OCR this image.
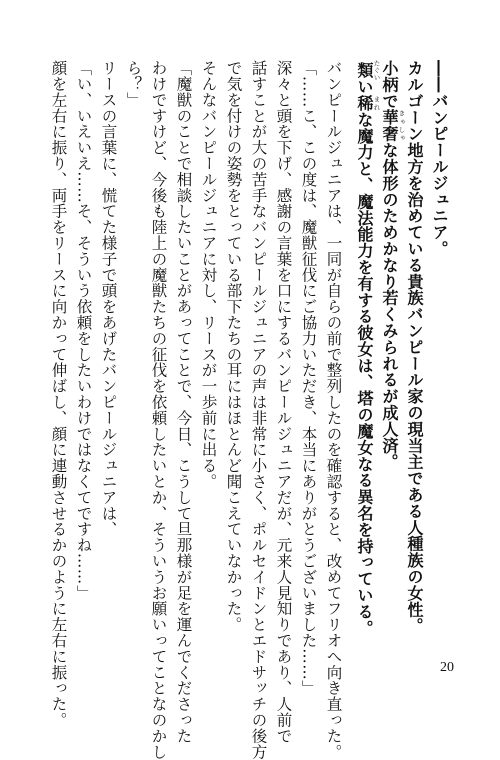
――バンピールジュニア。
カルゴーン地方を治めている貴族バンピール家の現当主である人種族の女性。
小柄で華奢きゃしゃな体形のためかなり若くみられるが成人済。
類たぐいい稀まれな魔力と、魔法能力を有する彼女は、塔の魔女なる異名を持っている。
バンピールジュニアは、一同が自らの前で整列したのを確認すると、改めてフリオへ向き直った。
「……こ、この度は、魔獣征伐にご協力いただき、本当にありがとうございました……」
深々と頭を下げ、感謝の言葉を口にするバンピールジュニアだが、元来人見知りであり、人前で
話すことが大の苦手なバンピールジュニアの声は非常に小さく、ポルセイドンとエドサッチの後方
で気を付けの姿勢をとっている部下たちの耳にはほとんど聞こえていなかった。
そんなバンピールジュニアに対し、リースが一歩前に出る。
「魔獣のことで相談したいことがあってことで、今日、こうして旦那様が足を運んでくださった
わけですけど、今後も陸上の魔獣たちの征伐を依頼したいとか、そういうお願いってことなのかし
ら？」
リースの言葉に、慌てた様子で頭をあげたバンピールジュニアは、
「い、いえいえ……そ、そういう依頼をしたいわけではなくてですね……」
顔を左右に振り、両手をリースに向かって伸ばし、顔に連動させるかのように左右に振った。	20
